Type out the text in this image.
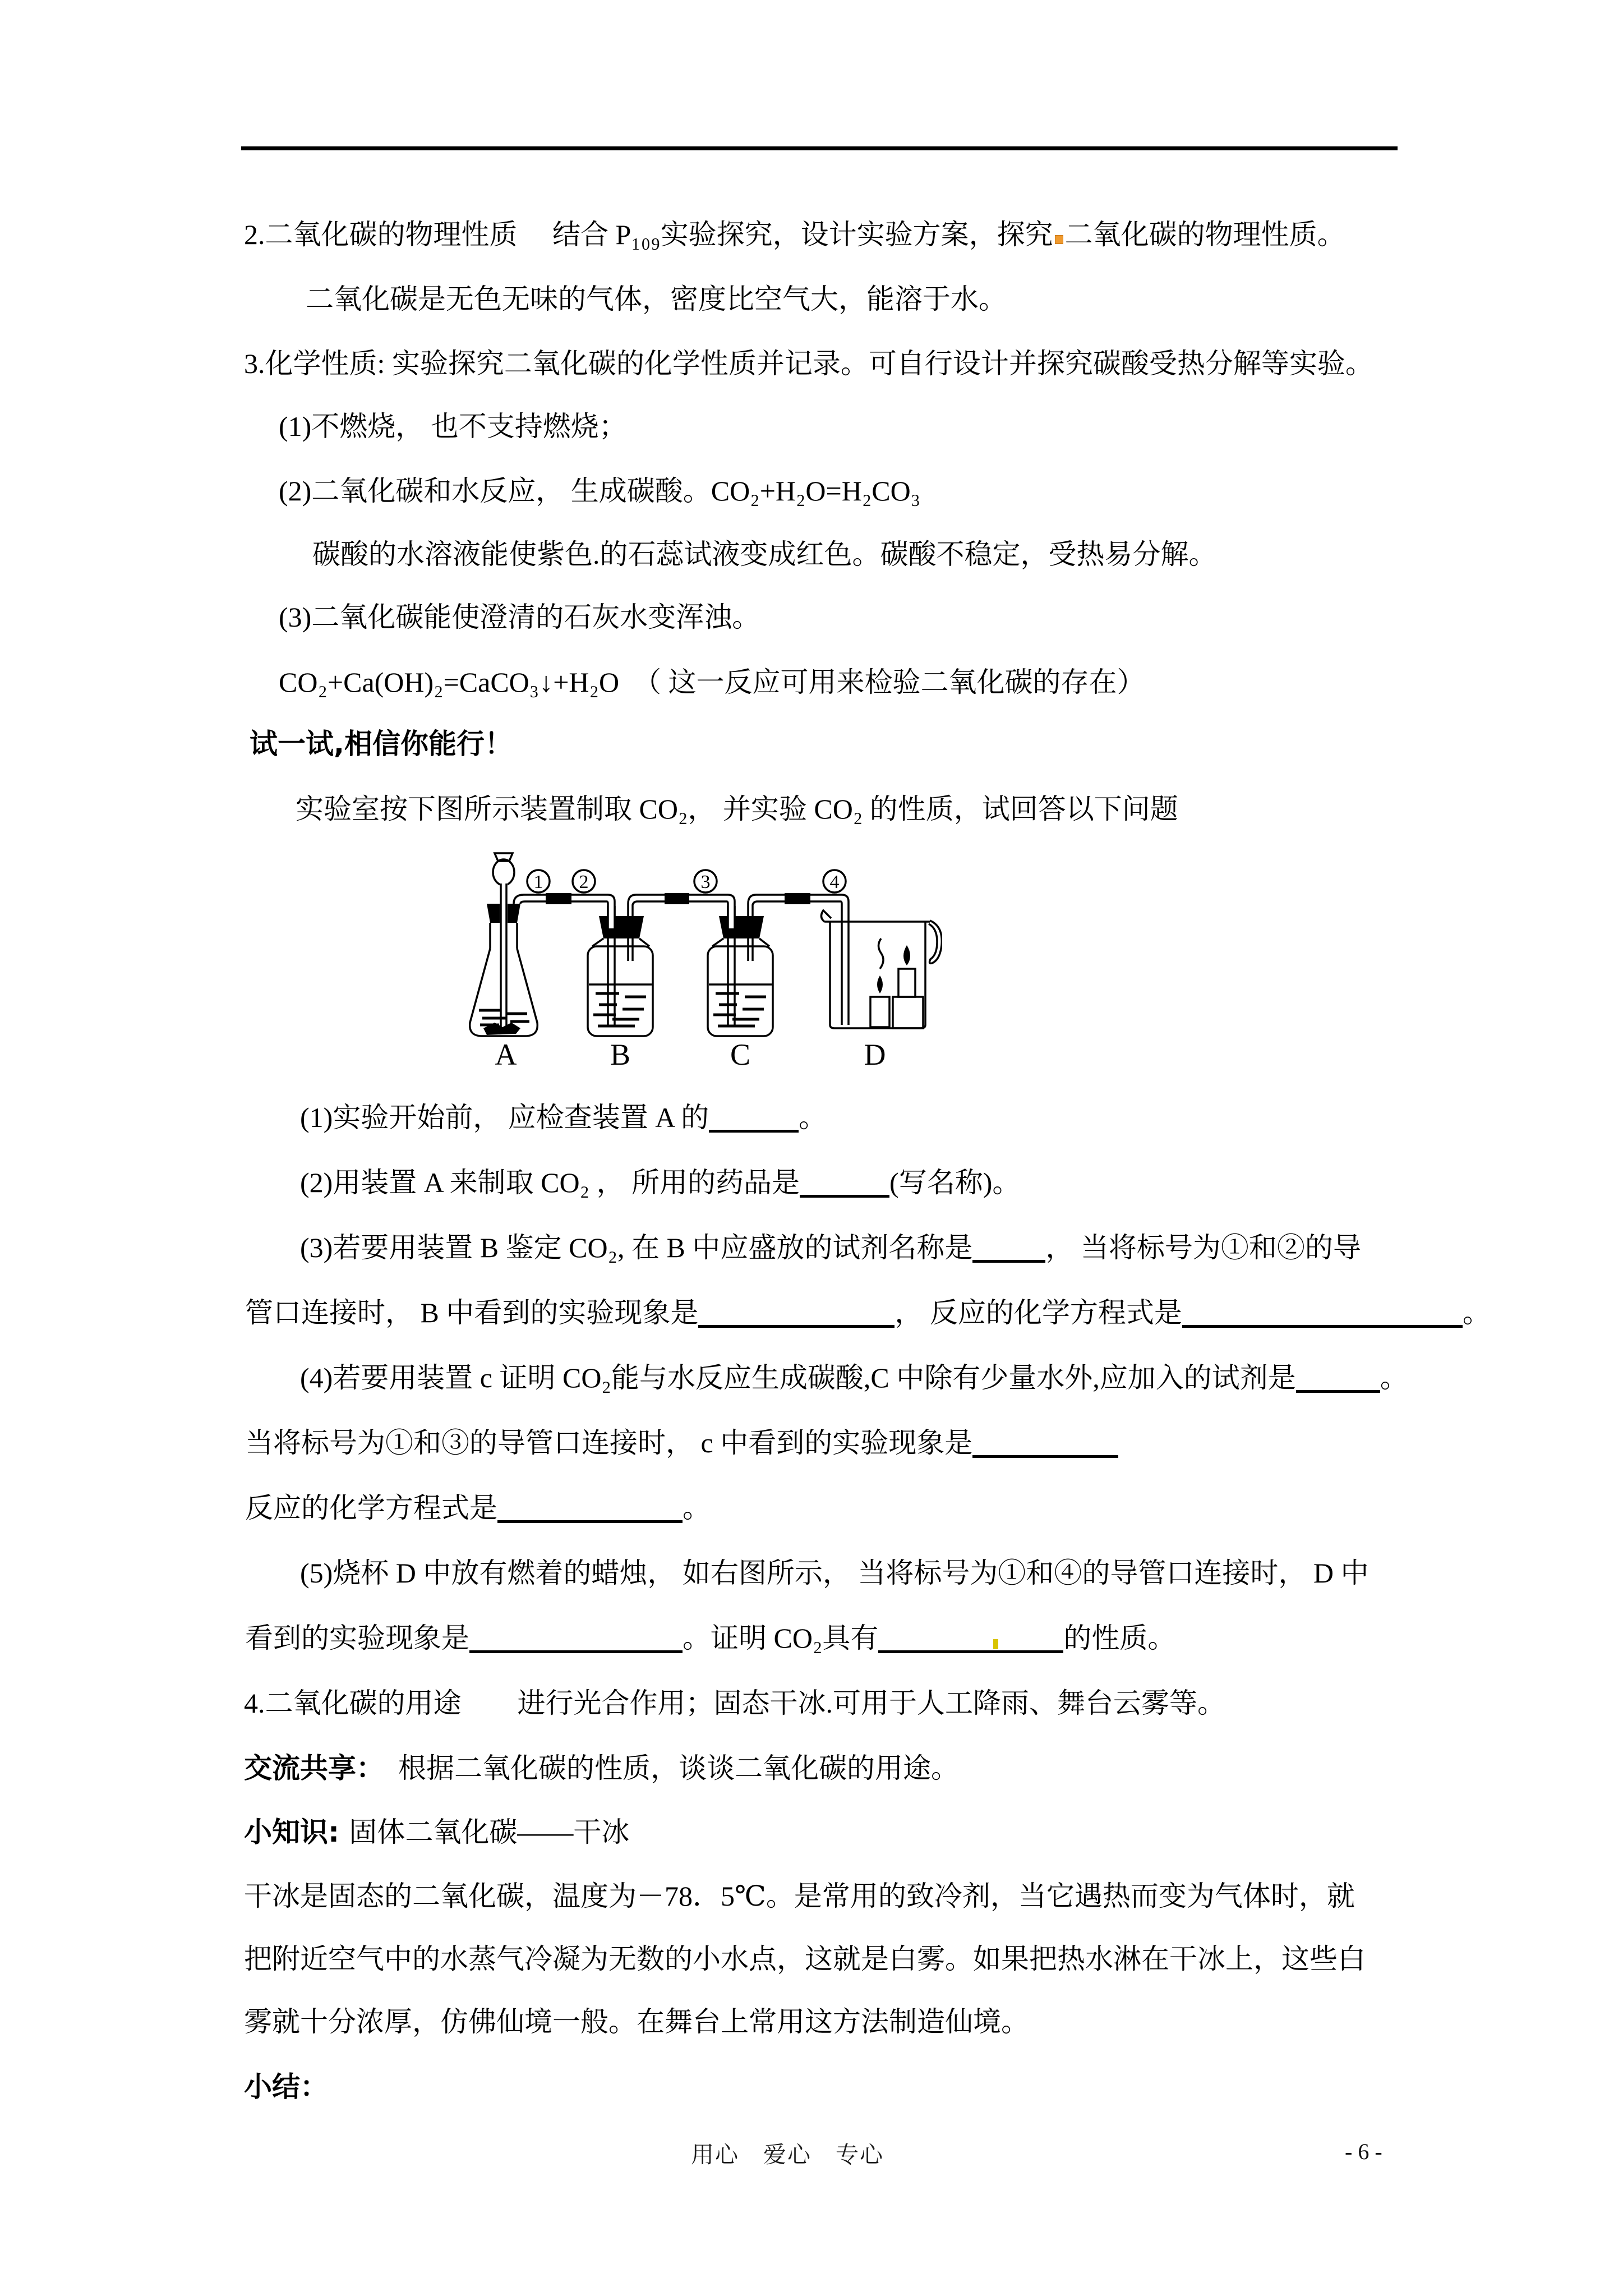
2.二氧化碳的物理性质　 结合 P₁₀₉实验探究，设计实验方案，探究 二氧化碳的物理性质。
二氧化碳是无色无味的气体，密度比空气大，能溶于水。
3.化学性质: 实验探究二氧化碳的化学性质并记录。可自行设计并探究碳酸受热分解等实验。
(1)不燃烧， 也不支持燃烧；
(2)二氧化碳和水反应， 生成碳酸。CO₂+H₂O=H₂CO₃
碳酸的水溶液能使紫色.的石蕊试液变成红色。碳酸不稳定，受热易分解。
(3)二氧化碳能使澄清的石灰水变浑浊。
CO₂+Ca(OH)₂=CaCO₃↓+H₂O　（ 这一反应可用来检验二氧化碳的存在）
试一试,相信你能行！
实验室按下图所示装置制取 CO₂， 并实验 CO₂ 的性质，试回答以下问题
1 2	3	4
A	B	C	D
(1)实验开始前， 应检查装置 A 的	。
(2)用装置 A 来制取 CO₂ ， 所用的药品是	(写名称)。
(3)若要用装置 B 鉴定 CO₂, 在 B 中应盛放的试剂名称是	， 当将标号为①和②的导
管口连接时， B 中看到的实验现象是	， 反应的化学方程式是	。
(4)若要用装置 c 证明 CO₂能与水反应生成碳酸,C 中除有少量水外,应加入的试剂是	。
当将标号为①和③的导管口连接时， c 中看到的实验现象是
反应的化学方程式是	。
(5)烧杯 D 中放有燃着的蜡烛， 如右图所示， 当将标号为①和④的导管口连接时， D 中
看到的实验现象是	。证明 CO₂具有	的性质。
4.二氧化碳的用途　　进行光合作用；固态干冰.可用于人工降雨、舞台云雾等。
交流共享：　根据二氧化碳的性质，谈谈二氧化碳的用途。
小知识: 固体二氧化碳——干冰
干冰是固态的二氧化碳，温度为－78．5℃。是常用的致冷剂，当它遇热而变为气体时，就
把附近空气中的水蒸气冷凝为无数的小水点，这就是白雾。如果把热水淋在干冰上，这些白
雾就十分浓厚，仿佛仙境一般。在舞台上常用这方法制造仙境。
小结：
用心　爱心　专心	- 6 -
